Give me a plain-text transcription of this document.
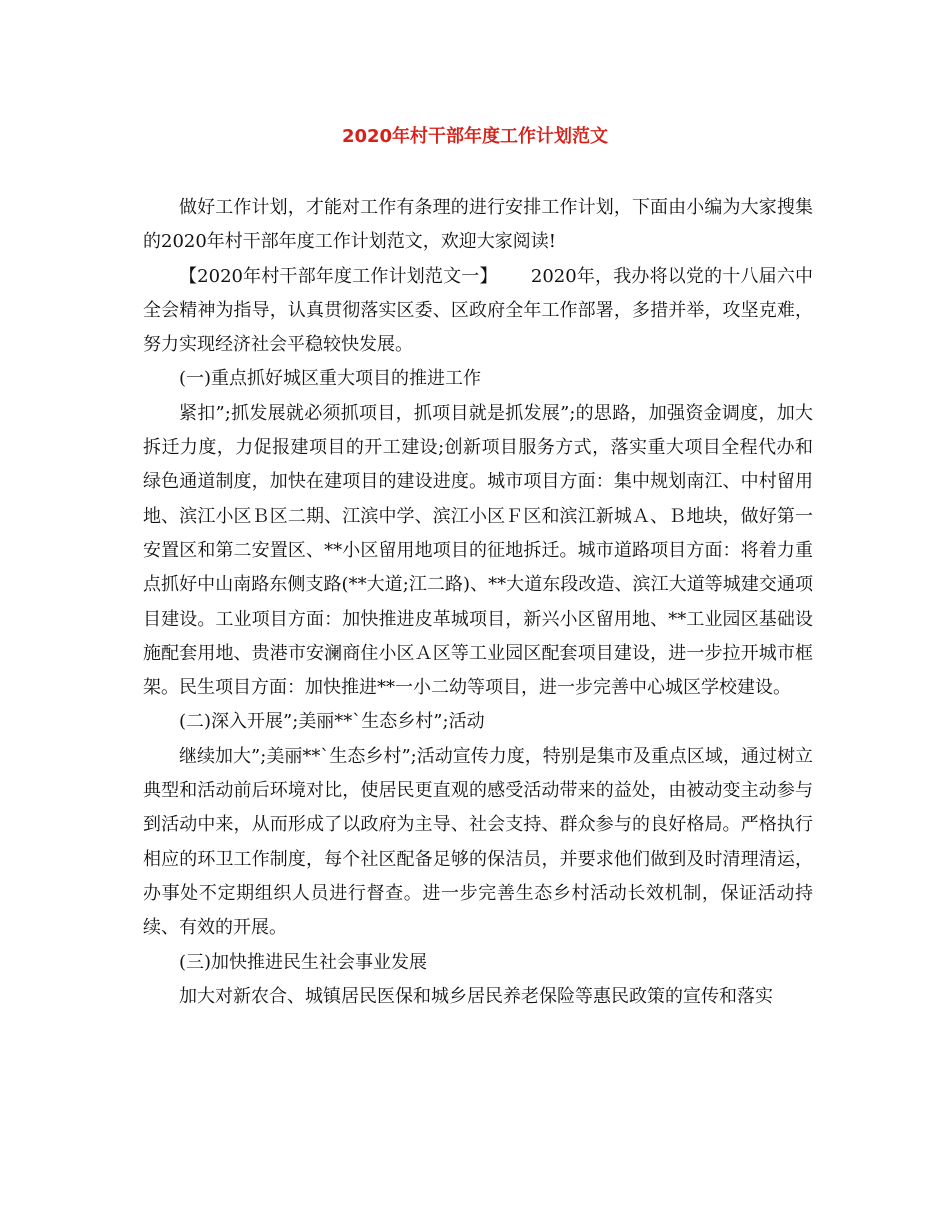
2020年村干部年度工作计划范文

做好工作计划，才能对工作有条理的进行安排工作计划，下面由小编为大家搜集的2020年村干部年度工作计划范文，欢迎大家阅读!

【2020年村干部年度工作计划范文一】　　 2020年，我办将以党的十八届六中全会精神为指导，认真贯彻落实区委、区政府全年工作部署，多措并举，攻坚克难，努力实现经济社会平稳较快发展。

(一)重点抓好城区重大项目的推进工作

紧扣”;抓发展就必须抓项目，抓项目就是抓发展”;的思路，加强资金调度，加大拆迁力度，力促报建项目的开工建设;创新项目服务方式，落实重大项目全程代办和绿色通道制度，加快在建项目的建设进度。城市项目方面：集中规划南江、中村留用地、滨江小区Ｂ区二期、江滨中学、滨江小区Ｆ区和滨江新城Ａ、Ｂ地块，做好第一安置区和第二安置区、**小区留用地项目的征地拆迁。城市道路项目方面：将着力重点抓好中山南路东侧支路(**大道;江二路)、**大道东段改造、滨江大道等城建交通项目建设。工业项目方面：加快推进皮革城项目，新兴小区留用地、**工业园区基础设施配套用地、贵港市安澜商住小区Ａ区等工业园区配套项目建设，进一步拉开城市框架。民生项目方面：加快推进**一小二幼等项目，进一步完善中心城区学校建设。

(二)深入开展”;美丽**ˋ生态乡村”;活动

继续加大”;美丽**ˋ生态乡村”;活动宣传力度，特别是集市及重点区域，通过树立典型和活动前后环境对比，使居民更直观的感受活动带来的益处，由被动变主动参与到活动中来，从而形成了以政府为主导、社会支持、群众参与的良好格局。严格执行相应的环卫工作制度，每个社区配备足够的保洁员，并要求他们做到及时清理清运，办事处不定期组织人员进行督查。进一步完善生态乡村活动长效机制，保证活动持续、有效的开展。

(三)加快推进民生社会事业发展

加大对新农合、城镇居民医保和城乡居民养老保险等惠民政策的宣传和落实
